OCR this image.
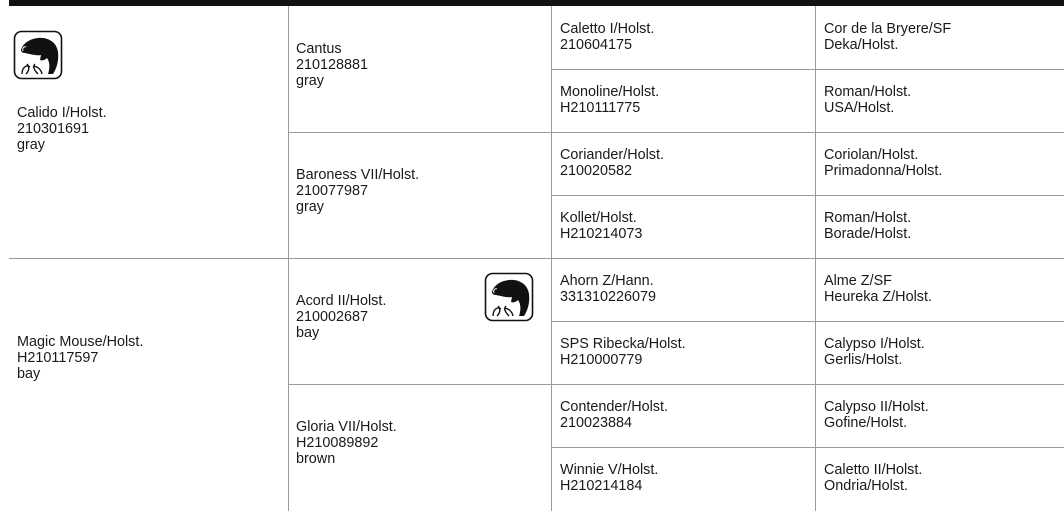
Calido I/Holst.
210301691
gray
Magic Mouse/Holst.
H210117597
bay
Cantus
210128881
gray
Baroness VII/Holst.
210077987
gray
Acord II/Holst.
210002687
bay
Gloria VII/Holst.
H210089892
brown
Caletto I/Holst.
210604175
Monoline/Holst.
H210111775
Coriander/Holst.
210020582
Kollet/Holst.
H210214073
Ahorn Z/Hann.
331310226079
SPS Ribecka/Holst.
H210000779
Contender/Holst.
210023884
Winnie V/Holst.
H210214184
Cor de la Bryere/SF
Deka/Holst.
Roman/Holst.
USA/Holst.
Coriolan/Holst.
Primadonna/Holst.
Roman/Holst.
Borade/Holst.
Alme Z/SF
Heureka Z/Holst.
Calypso I/Holst.
Gerlis/Holst.
Calypso II/Holst.
Gofine/Holst.
Caletto II/Holst.
Ondria/Holst.
